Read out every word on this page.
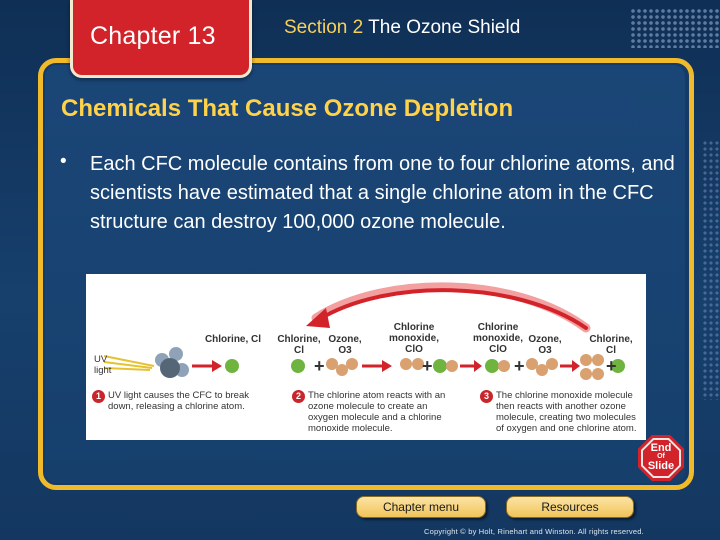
Chapter 13	Section 2 The Ozone Shield
Chemicals That Cause Ozone Depletion
• Each CFC molecule contains from one to four chlorine atoms, and scientists have estimated that a single chlorine atom in the CFC structure can destroy 100,000 ozone molecule.
UV light
Chlorine, Cl Chlorine, Cl
Ozone, O3
Chlorine monoxide, ClO
Chlorine monoxide, ClO
Ozone, O3
Chlorine, Cl
+	+	+	+
1 UV light causes the CFC to break down, releasing a chlorine atom.
2 The chlorine atom reacts with an ozone molecule to create an oxygen molecule and a chlorine monoxide molecule.
3 The chlorine monoxide molecule then reacts with another ozone molecule, creating two molecules of oxygen and one chlorine atom.
End
Of
Slide
Chapter menu	Resources
Copyright © by Holt, Rinehart and Winston. All rights reserved.
